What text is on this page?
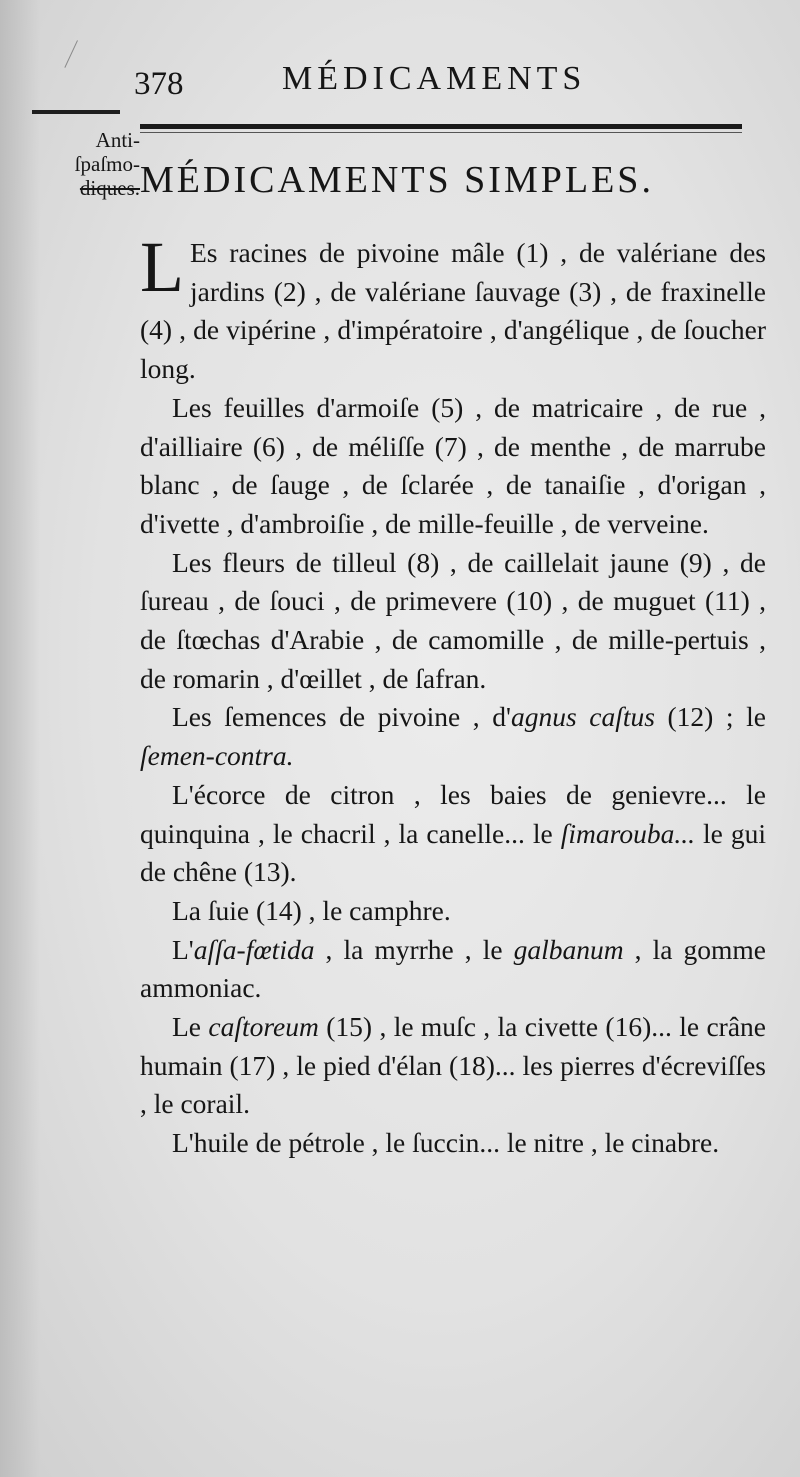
378	MÉDICAMENTS
Anti-
ſpaſmo-
diques. MÉDICAMENTS SIMPLES.

L Es racines de pivoine mâle (1) , de valériane des jardins (2) , de valériane ſauvage (3) , de fraxinelle (4) , de vipérine , d'impératoire , d'angélique , de ſoucher long.

Les feuilles d'armoiſe (5) , de matricaire , de rue , d'ailliaire (6) , de méliſſe (7) , de menthe , de marrube blanc , de ſauge , de ſclarée , de tanaiſie , d'origan , d'ivette , d'ambroiſie , de mille-feuille , de verveine.

Les fleurs de tilleul (8) , de caillelait jaune (9) , de ſureau , de ſouci , de primevere (10) , de muguet (11) , de ſtœchas d'Arabie , de camomille , de mille-pertuis , de romarin , d'œillet , de ſafran.

Les ſemences de pivoine , d'agnus caſtus (12) ; le ſemen-contra.

L'écorce de citron , les baies de genievre... le quinquina , le chacril , la canelle... le ſimarouba... le gui de chêne (13).

La ſuie (14) , le camphre.

L'aſſa-fœtida , la myrrhe , le galbanum , la gomme ammoniac.

Le caſtoreum (15) , le muſc , la civette (16)... le crâne humain (17) , le pied d'élan (18)... les pierres d'écreviſſes , le corail.

L'huile de pétrole , le ſuccin... le nitre , le cinabre.
